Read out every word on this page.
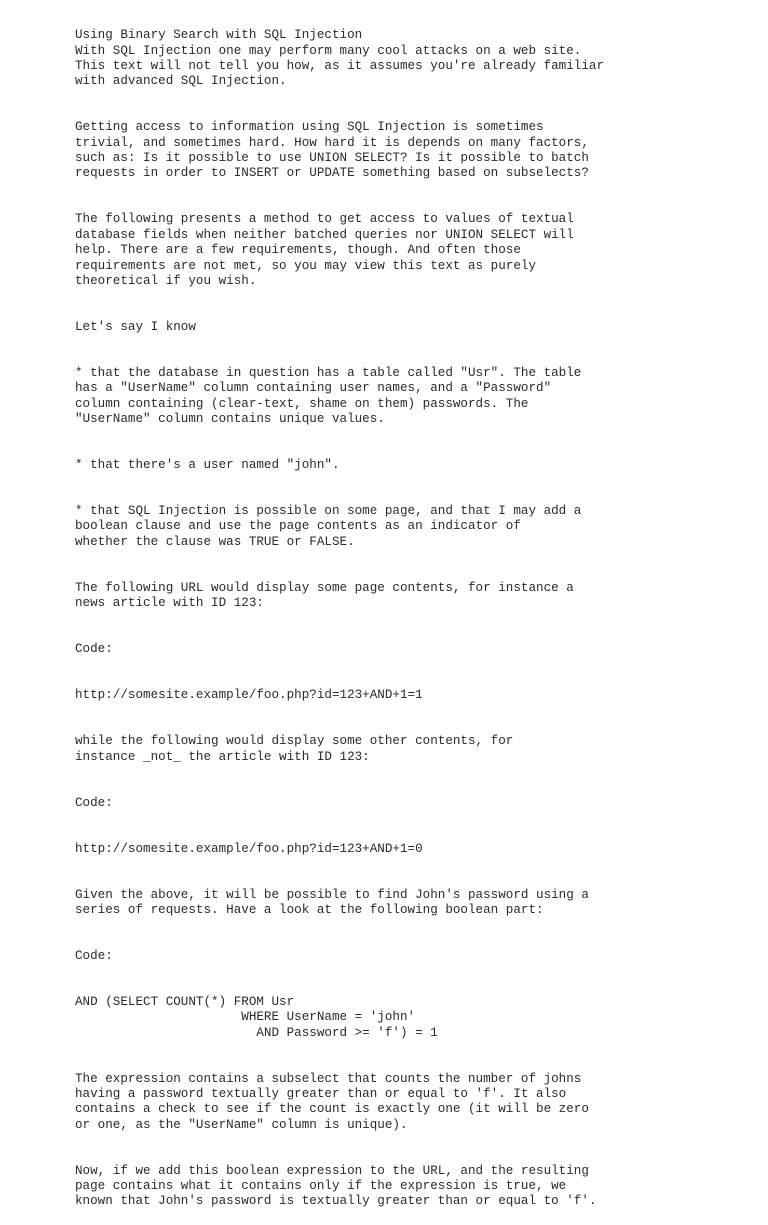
Using Binary Search with SQL Injection
With SQL Injection one may perform many cool attacks on a web site.
This text will not tell you how, as it assumes you're already familiar
with advanced SQL Injection.

Getting access to information using SQL Injection is sometimes
trivial, and sometimes hard. How hard it is depends on many factors,
such as: Is it possible to use UNION SELECT? Is it possible to batch
requests in order to INSERT or UPDATE something based on subselects?

The following presents a method to get access to values of textual
database fields when neither batched queries nor UNION SELECT will
help. There are a few requirements, though. And often those
requirements are not met, so you may view this text as purely
theoretical if you wish.

Let's say I know

* that the database in question has a table called "Usr". The table
has a "UserName" column containing user names, and a "Password"
column containing (clear-text, shame on them) passwords. The
"UserName" column contains unique values.

* that there's a user named "john".

* that SQL Injection is possible on some page, and that I may add a
boolean clause and use the page contents as an indicator of
whether the clause was TRUE or FALSE.

The following URL would display some page contents, for instance a
news article with ID 123:

Code:

http://somesite.example/foo.php?id=123+AND+1=1

while the following would display some other contents, for
instance _not_ the article with ID 123:

Code:

http://somesite.example/foo.php?id=123+AND+1=0

Given the above, it will be possible to find John's password using a
series of requests. Have a look at the following boolean part:

Code:

AND (SELECT COUNT(*) FROM Usr
WHERE UserName = 'john'
AND Password >= 'f') = 1

The expression contains a subselect that counts the number of johns
having a password textually greater than or equal to 'f'. It also
contains a check to see if the count is exactly one (it will be zero
or one, as the "UserName" column is unique).

Now, if we add this boolean expression to the URL, and the resulting
page contains what it contains only if the expression is true, we
known that John's password is textually greater than or equal to 'f'.
